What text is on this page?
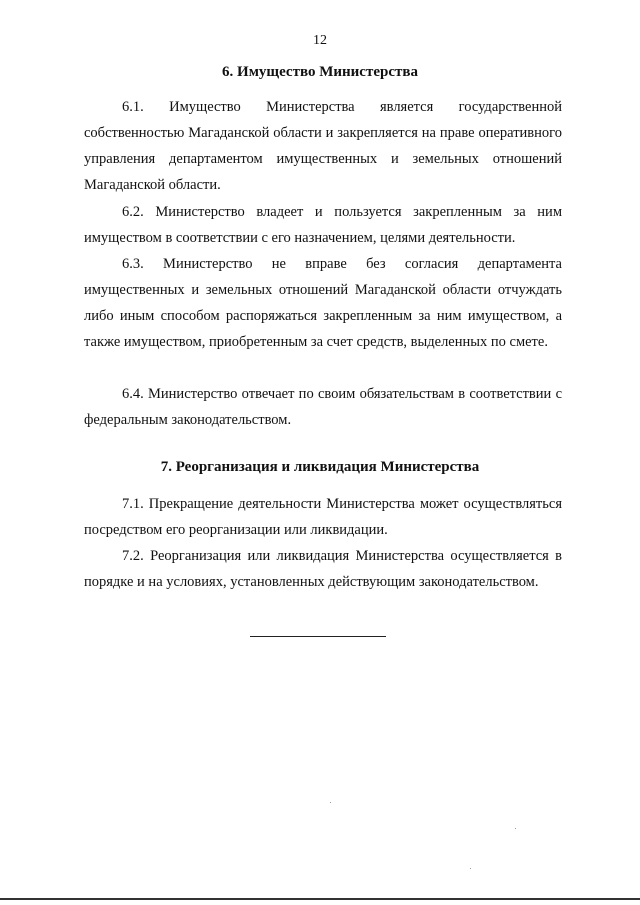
12
6. Имущество Министерства
6.1. Имущество Министерства является государственной собственностью Магаданской области и закрепляется на праве оперативного управления департаментом имущественных и земельных отношений Магаданской области.
6.2. Министерство владеет и пользуется закрепленным за ним имуществом в соответствии с его назначением, целями деятельности.
6.3. Министерство не вправе без согласия департамента имущественных и земельных отношений Магаданской области отчуждать либо иным способом распоряжаться закрепленным за ним имуществом, а также имуществом, приобретенным за счет средств, выделенных по смете.
6.4. Министерство отвечает по своим обязательствам в соответствии с федеральным законодательством.
7. Реорганизация и ликвидация Министерства
7.1. Прекращение деятельности Министерства может осуществляться посредством его реорганизации или ликвидации.
7.2. Реорганизация или ликвидация Министерства осуществляется в порядке и на условиях, установленных действующим законодательством.
